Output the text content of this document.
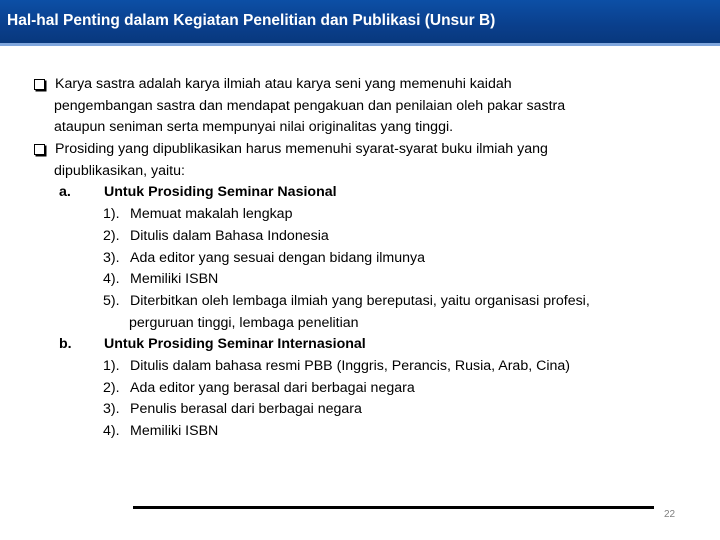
Hal-hal Penting dalam Kegiatan Penelitian dan Publikasi (Unsur B)
Karya sastra adalah karya ilmiah atau karya seni yang memenuhi kaidah
pengembangan sastra dan mendapat pengakuan dan penilaian oleh pakar sastra
ataupun seniman serta mempunyai nilai originalitas yang tinggi.
Prosiding yang dipublikasikan harus memenuhi syarat-syarat buku ilmiah yang
dipublikasikan, yaitu:
a. Untuk Prosiding Seminar Nasional
1). Memuat makalah lengkap
2). Ditulis dalam Bahasa Indonesia
3). Ada editor yang sesuai dengan bidang ilmunya
4). Memiliki ISBN
5). Diterbitkan oleh lembaga ilmiah yang bereputasi, yaitu organisasi profesi,
perguruan tinggi, lembaga penelitian
b. Untuk Prosiding Seminar Internasional
1). Ditulis dalam bahasa resmi PBB (Inggris, Perancis, Rusia, Arab, Cina)
2). Ada editor yang berasal dari berbagai negara
3). Penulis berasal dari berbagai negara
4). Memiliki ISBN
22
